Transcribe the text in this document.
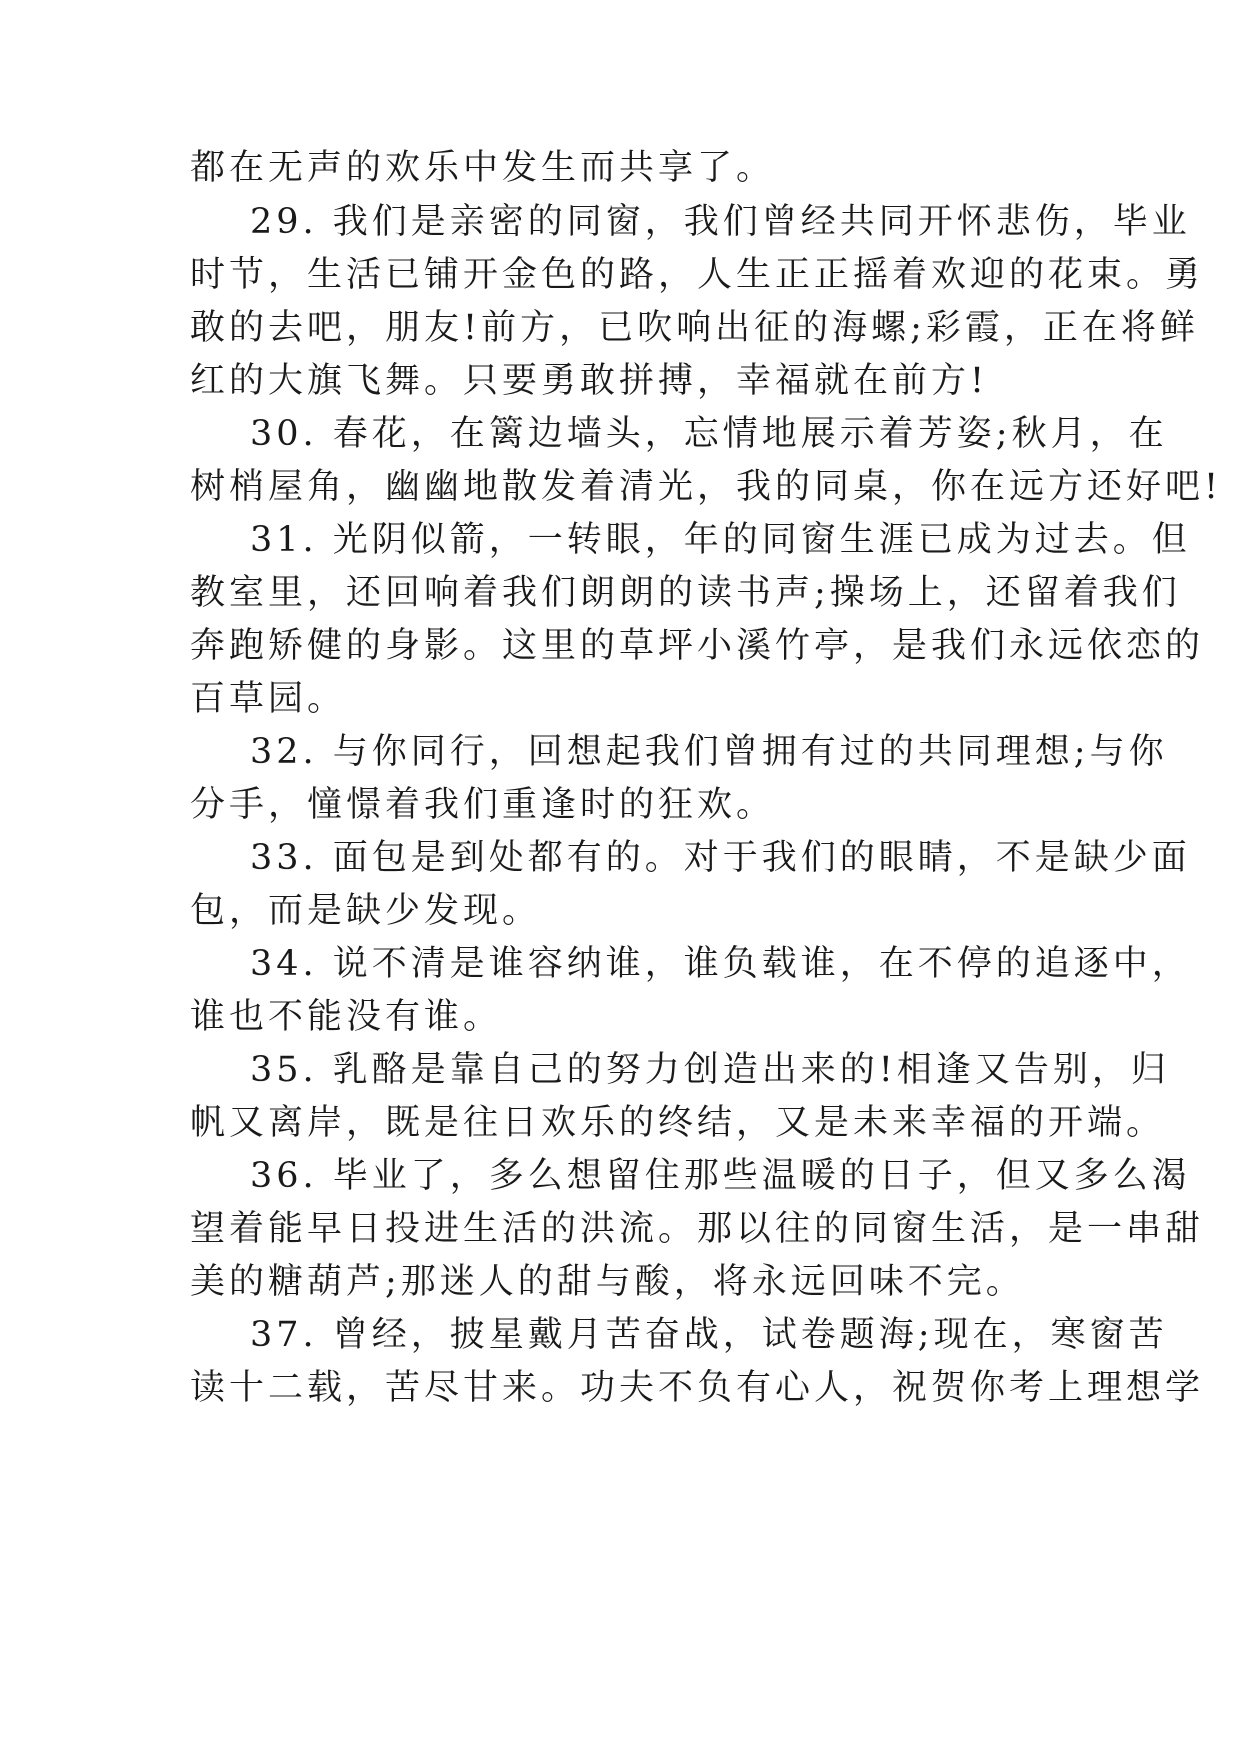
都在无声的欢乐中发生而共享了。
29. 我们是亲密的同窗，我们曾经共同开怀悲伤，毕业
时节，生活已铺开金色的路，人生正正摇着欢迎的花束。勇
敢的去吧，朋友!前方，已吹响出征的海螺;彩霞，正在将鲜
红的大旗飞舞。只要勇敢拼搏，幸福就在前方!
30. 春花，在篱边墙头，忘情地展示着芳姿;秋月，在
树梢屋角，幽幽地散发着清光，我的同桌，你在远方还好吧!
31. 光阴似箭，一转眼，年的同窗生涯已成为过去。但
教室里，还回响着我们朗朗的读书声;操场上，还留着我们
奔跑矫健的身影。这里的草坪小溪竹亭，是我们永远依恋的
百草园。
32. 与你同行，回想起我们曾拥有过的共同理想;与你
分手，憧憬着我们重逢时的狂欢。
33. 面包是到处都有的。对于我们的眼睛，不是缺少面
包，而是缺少发现。
34. 说不清是谁容纳谁，谁负载谁，在不停的追逐中，
谁也不能没有谁。
35. 乳酪是靠自己的努力创造出来的!相逢又告别，归
帆又离岸，既是往日欢乐的终结，又是未来幸福的开端。
36. 毕业了，多么想留住那些温暖的日子，但又多么渴
望着能早日投进生活的洪流。那以往的同窗生活，是一串甜
美的糖葫芦;那迷人的甜与酸，将永远回味不完。
37. 曾经，披星戴月苦奋战，试卷题海;现在，寒窗苦
读十二载，苦尽甘来。功夫不负有心人，祝贺你考上理想学
